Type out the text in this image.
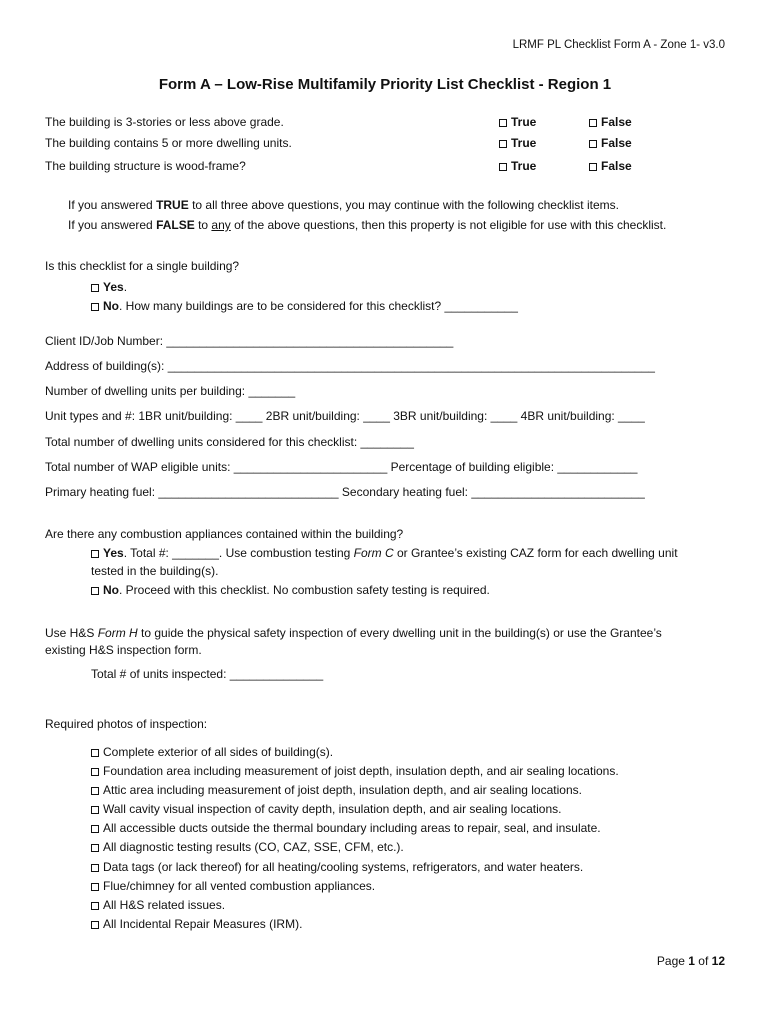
LRMF PL Checklist Form A - Zone 1- v3.0
Form A – Low-Rise Multifamily Priority List Checklist - Region 1
The building is 3-stories or less above grade.	True	False
The building contains 5 or more dwelling units.	True	False
The building structure is wood-frame?	True	False
If you answered TRUE to all three above questions, you may continue with the following checklist items.
If you answered FALSE to any of the above questions, then this property is not eligible for use with this checklist.
Is this checklist for a single building?
Yes.
No. How many buildings are to be considered for this checklist? ___________
Client ID/Job Number: ___________________________________________
Address of building(s): _________________________________________________________________________
Number of dwelling units per building: _______
Unit types and #: 1BR unit/building: ____ 2BR unit/building: ____ 3BR unit/building: ____ 4BR unit/building: ____
Total number of dwelling units considered for this checklist: ________
Total number of WAP eligible units: _______________________ Percentage of building eligible: ____________
Primary heating fuel: ___________________________ Secondary heating fuel: __________________________
Are there any combustion appliances contained within the building?
Yes. Total #: _______. Use combustion testing Form C or Grantee’s existing CAZ form for each dwelling unit
tested in the building(s).
No. Proceed with this checklist. No combustion safety testing is required.
Use H&S Form H to guide the physical safety inspection of every dwelling unit in the building(s) or use the Grantee’s
existing H&S inspection form.
Total # of units inspected: ______________
Required photos of inspection:
Complete exterior of all sides of building(s).
Foundation area including measurement of joist depth, insulation depth, and air sealing locations.
Attic area including measurement of joist depth, insulation depth, and air sealing locations.
Wall cavity visual inspection of cavity depth, insulation depth, and air sealing locations.
All accessible ducts outside the thermal boundary including areas to repair, seal, and insulate.
All diagnostic testing results (CO, CAZ, SSE, CFM, etc.).
Data tags (or lack thereof) for all heating/cooling systems, refrigerators, and water heaters.
Flue/chimney for all vented combustion appliances.
All H&S related issues.
All Incidental Repair Measures (IRM).
Page 1 of 12
